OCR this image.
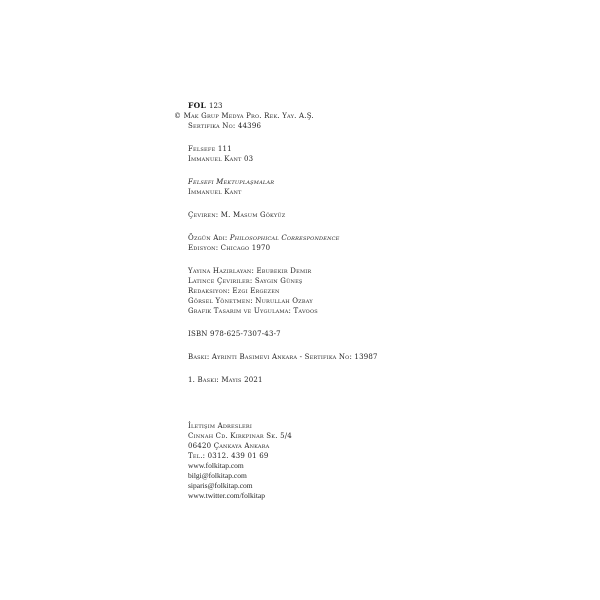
FOL 123
© Mak Grup Medya Pro. Rek. Yay. A.Ş.
Sertifika No: 44396
Felsefe 111
Immanuel Kant 03
Felsefi Mektuplaşmalar
Immanuel Kant
Çeviren: M. Masum Gökyüz
Özgün Adı: Philosophical Correspondence
Edisyon: Chicago 1970
Yayına Hazırlayan: Ebubekir Demir
Latince Çeviriler: Saygın Güneş
Redaksiyon: Ezgi Ergezen
Görsel Yönetmen: Nurullah Ozbay
Grafik Tasarım ve Uygulama: Tavoos
ISBN 978-625-7307-43-7
Baskı: Ayrıntı Basımevi Ankara - Sertifika No: 13987
1. Baskı: Mayıs 2021
İletişim Adresleri
Cinnah Cd. Kırkpınar Sk. 5/4
06420 Çankaya Ankara
Tel.: 0312. 439 01 69
www.folkitap.com
bilgi@folkitap.com
siparis@folkitap.com
www.twitter.com/folkitap
